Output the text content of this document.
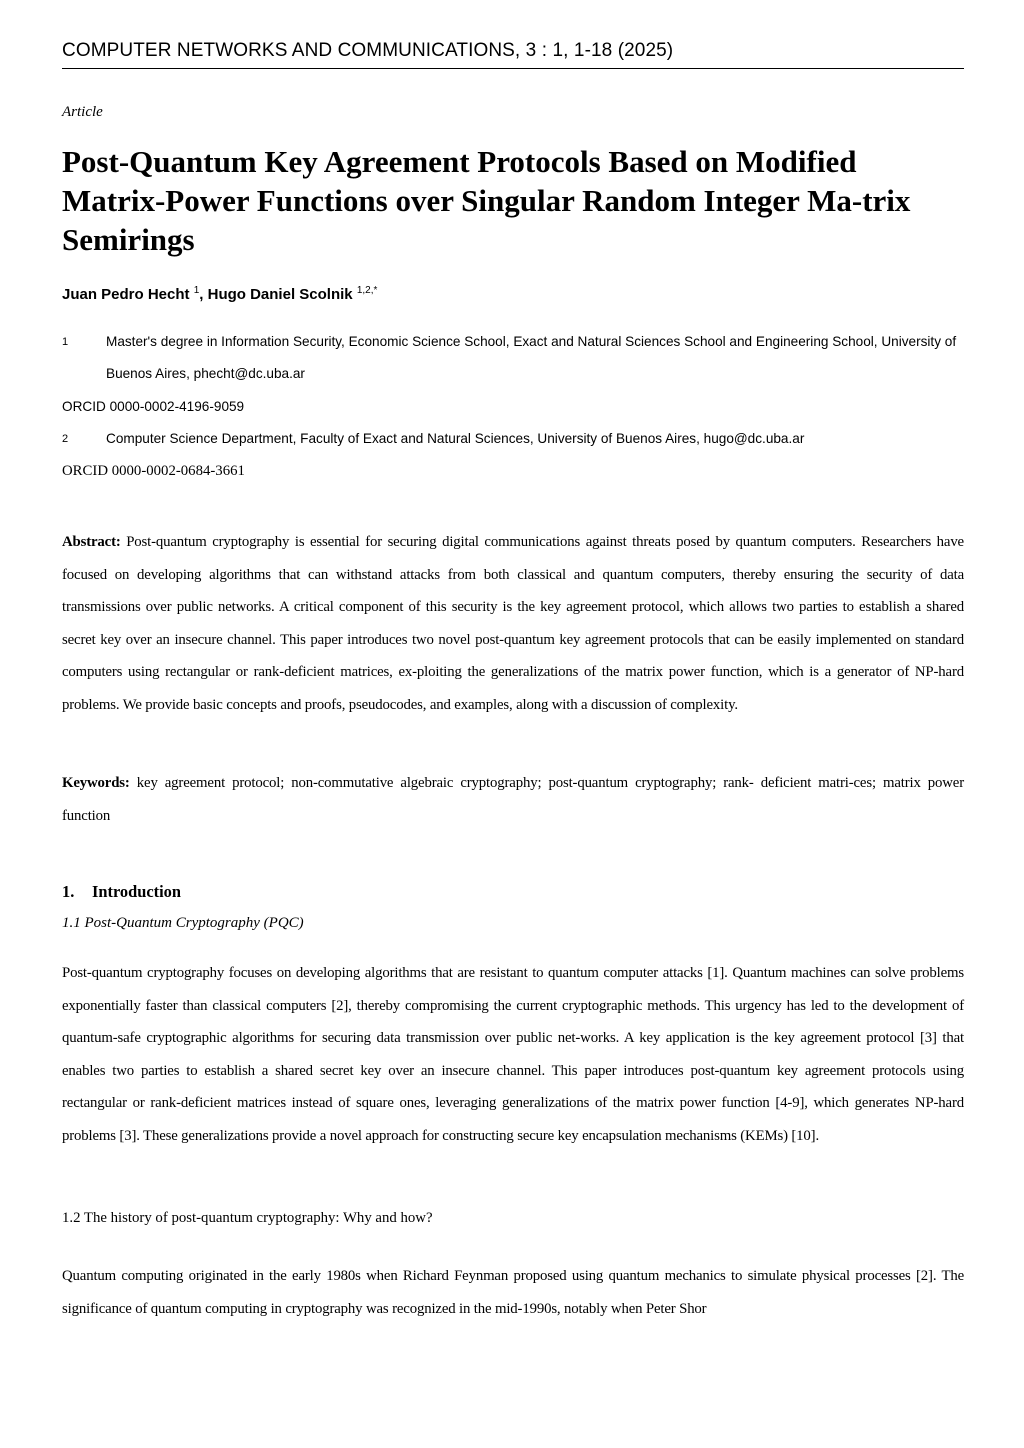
COMPUTER NETWORKS AND COMMUNICATIONS, 3 : 1, 1-18 (2025)
Article
Post-Quantum Key Agreement Protocols Based on Modified Matrix-Power Functions over Singular Random Integer Ma-trix Semirings
Juan Pedro Hecht $^1$, Hugo Daniel Scolnik $^{1,2,*}$
1	Master's degree in Information Security, Economic Science School, Exact and Natural Sciences School and Engineering School, University of Buenos Aires, phecht@dc.uba.ar
ORCID 0000-0002-4196-9059
2	Computer Science Department, Faculty of Exact and Natural Sciences, University of Buenos Aires, hugo@dc.uba.ar
ORCID 0000-0002-0684-3661

Abstract: Post-quantum cryptography is essential for securing digital communications against threats posed by quantum computers. Researchers have focused on developing algorithms that can withstand attacks from both classical and quantum computers, thereby ensuring the security of data transmissions over public networks. A critical component of this security is the key agreement protocol, which allows two parties to establish a shared secret key over an insecure channel. This paper introduces two novel post-quantum key agreement protocols that can be easily implemented on standard computers using rectangular or rank-deficient matrices, ex-ploiting the generalizations of the matrix power function, which is a generator of NP-hard problems. We provide basic concepts and proofs, pseudocodes, and examples, along with a discussion of complexity.

Keywords: key agreement protocol; non-commutative algebraic cryptography; post-quantum cryptography; rank- deficient matri-ces; matrix power function

1. Introduction
1.1 Post-Quantum Cryptography (PQC)

Post-quantum cryptography focuses on developing algorithms that are resistant to quantum computer attacks [1]. Quantum machines can solve problems exponentially faster than classical computers [2], thereby compromising the current cryptographic methods. This urgency has led to the development of quantum-safe cryptographic algorithms for securing data transmission over public net-works. A key application is the key agreement protocol [3] that enables two parties to establish a shared secret key over an insecure channel. This paper introduces post-quantum key agreement protocols using rectangular or rank-deficient matrices instead of square ones, leveraging generalizations of the matrix power function [4-9], which generates NP-hard problems [3]. These generalizations provide a novel approach for constructing secure key encapsulation mechanisms (KEMs) [10].

1.2 The history of post-quantum cryptography: Why and how?

Quantum computing originated in the early 1980s when Richard Feynman proposed using quantum mechanics to simulate physical processes [2]. The significance of quantum computing in cryptography was recognized in the mid-1990s, notably when Peter Shor
